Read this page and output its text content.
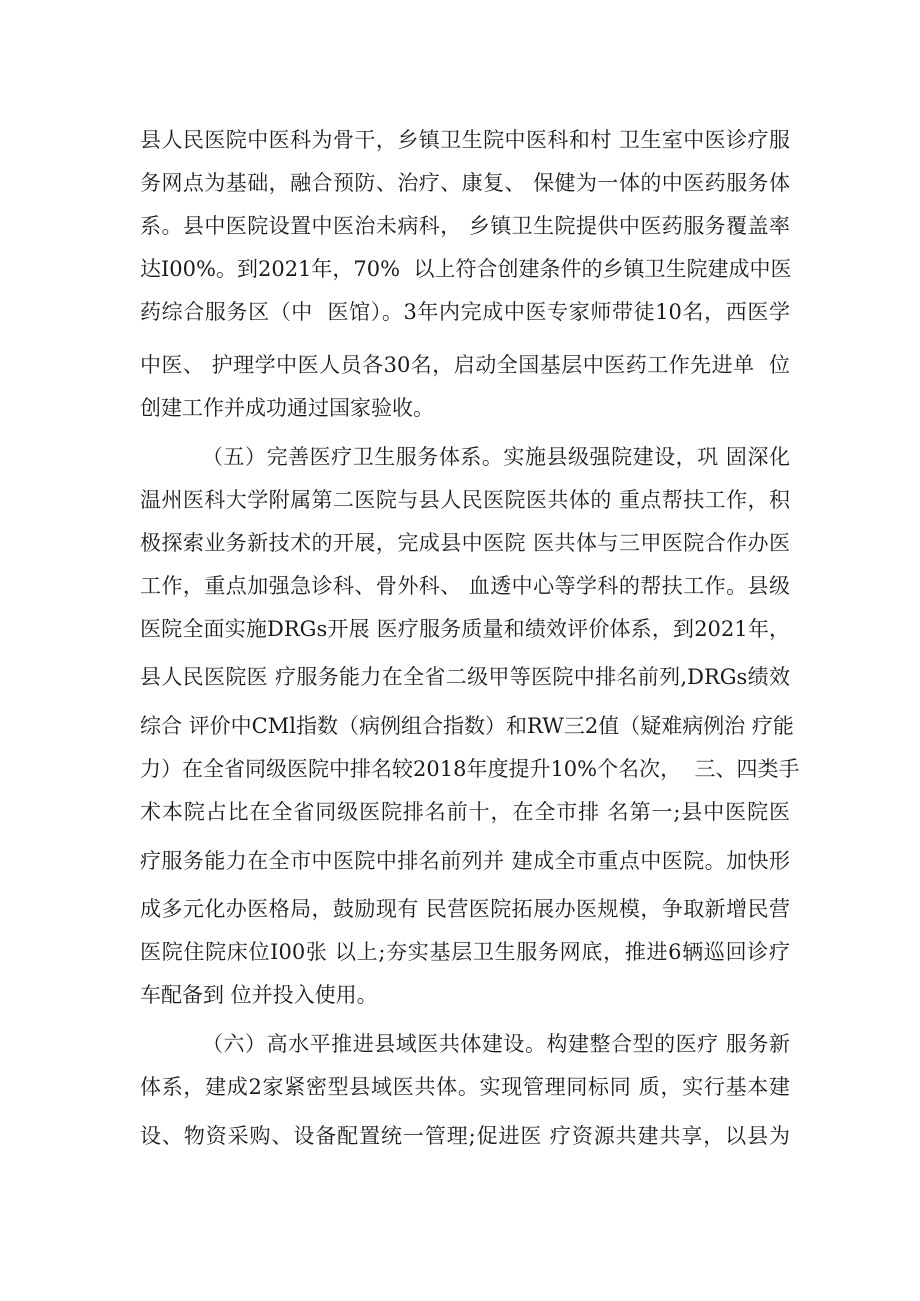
县人民医院中医科为骨干，乡镇卫生院中医科和村 卫生室中医诊疗服
务网点为基础，融合预防、治疗、康复、 保健为一体的中医药服务体
系。县中医院设置中医治未病科， 乡镇卫生院提供中医药服务覆盖率
达I00%。到2021年，70%  以上符合创建条件的乡镇卫生院建成中医
药综合服务区（中  医馆）。3年内完成中医专家师带徒10名，西医学
中医、 护理学中医人员各30名，启动全国基层中医药工作先进单  位
创建工作并成功通过国家验收。
（五）完善医疗卫生服务体系。实施县级强院建设，巩 固深化
温州医科大学附属第二医院与县人民医院医共体的 重点帮扶工作，积
极探索业务新技术的开展，完成县中医院 医共体与三甲医院合作办医
工作，重点加强急诊科、骨外科、 血透中心等学科的帮扶工作。县级
医院全面实施DRGs开展 医疗服务质量和绩效评价体系，到2021年，
县人民医院医 疗服务能力在全省二级甲等医院中排名前列,DRGs绩效
综合 评价中CMl指数（病例组合指数）和RW三2值（疑难病例治 疗能
力）在全省同级医院中排名较2018年度提升10%个名次，  三、四类手
术本院占比在全省同级医院排名前十，在全市排 名第一;县中医院医
疗服务能力在全市中医院中排名前列并 建成全市重点中医院。加快形
成多元化办医格局，鼓励现有 民营医院拓展办医规模，争取新增民营
医院住院床位I00张 以上;夯实基层卫生服务网底，推进6辆巡回诊疗
车配备到 位并投入使用。
（六）高水平推进县域医共体建设。构建整合型的医疗 服务新
体系，建成2家紧密型县域医共体。实现管理同标同 质，实行基本建
设、物资采购、设备配置统一管理;促进医 疗资源共建共享，以县为
